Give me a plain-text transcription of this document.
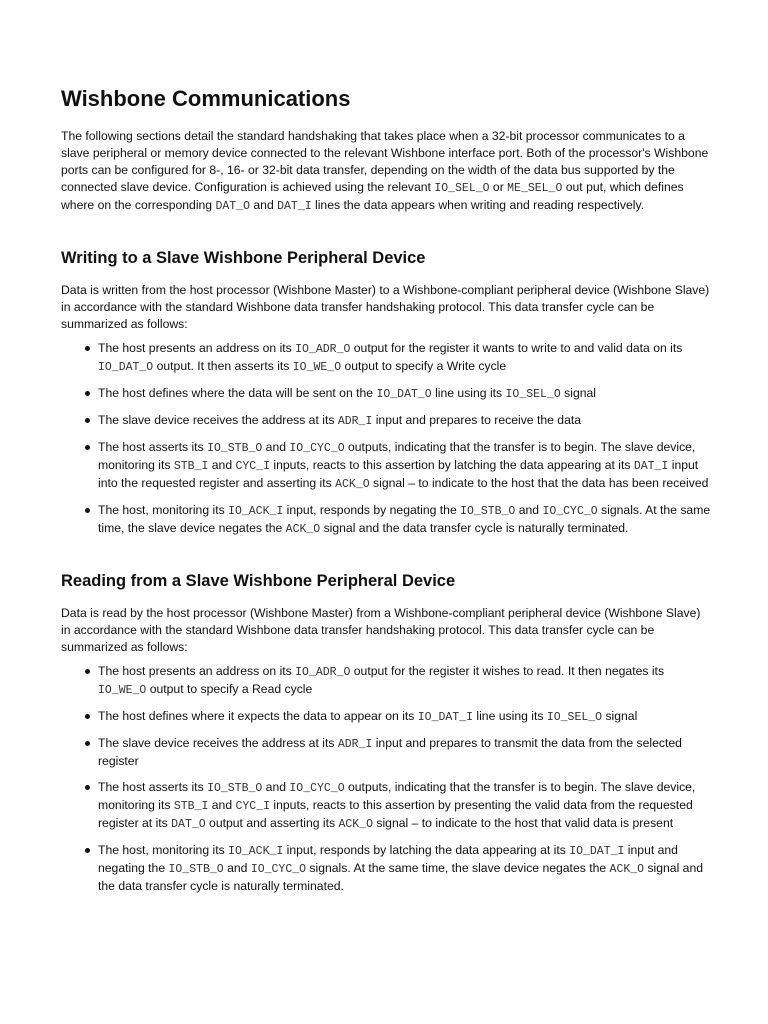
Wishbone Communications

The following sections detail the standard handshaking that takes place when a 32-bit processor communicates to a slave peripheral or memory device connected to the relevant Wishbone interface port. Both of the processor's Wishbone ports can be configured for 8-, 16- or 32-bit data transfer, depending on the width of the data bus supported by the connected slave device. Configuration is achieved using the relevant IO_SEL_O or ME_SEL_O out put, which defines where on the corresponding DAT_O and DAT_I lines the data appears when writing and reading respectively.

Writing to a Slave Wishbone Peripheral Device

Data is written from the host processor (Wishbone Master) to a Wishbone-compliant peripheral device (Wishbone Slave) in accordance with the standard Wishbone data transfer handshaking protocol. This data transfer cycle can be summarized as follows:

The host presents an address on its IO_ADR_O output for the register it wants to write to and valid data on its IO_DAT_O output. It then asserts its IO_WE_O output to specify a Write cycle
The host defines where the data will be sent on the IO_DAT_O line using its IO_SEL_O signal
The slave device receives the address at its ADR_I input and prepares to receive the data
The host asserts its IO_STB_O and IO_CYC_O outputs, indicating that the transfer is to begin. The slave device, monitoring its STB_I and CYC_I inputs, reacts to this assertion by latching the data appearing at its DAT_I input into the requested register and asserting its ACK_O signal – to indicate to the host that the data has been received
The host, monitoring its IO_ACK_I input, responds by negating the IO_STB_O and IO_CYC_O signals. At the same time, the slave device negates the ACK_O signal and the data transfer cycle is naturally terminated.
Reading from a Slave Wishbone Peripheral Device

Data is read by the host processor (Wishbone Master) from a Wishbone-compliant peripheral device (Wishbone Slave) in accordance with the standard Wishbone data transfer handshaking protocol. This data transfer cycle can be summarized as follows:

The host presents an address on its IO_ADR_O output for the register it wishes to read. It then negates its IO_WE_O output to specify a Read cycle
The host defines where it expects the data to appear on its IO_DAT_I line using its IO_SEL_O signal
The slave device receives the address at its ADR_I input and prepares to transmit the data from the selected register
The host asserts its IO_STB_O and IO_CYC_O outputs, indicating that the transfer is to begin. The slave device, monitoring its STB_I and CYC_I inputs, reacts to this assertion by presenting the valid data from the requested register at its DAT_O output and asserting its ACK_O signal – to indicate to the host that valid data is present
The host, monitoring its IO_ACK_I input, responds by latching the data appearing at its IO_DAT_I input and negating the IO_STB_O and IO_CYC_O signals. At the same time, the slave device negates the ACK_O signal and the data transfer cycle is naturally terminated.
